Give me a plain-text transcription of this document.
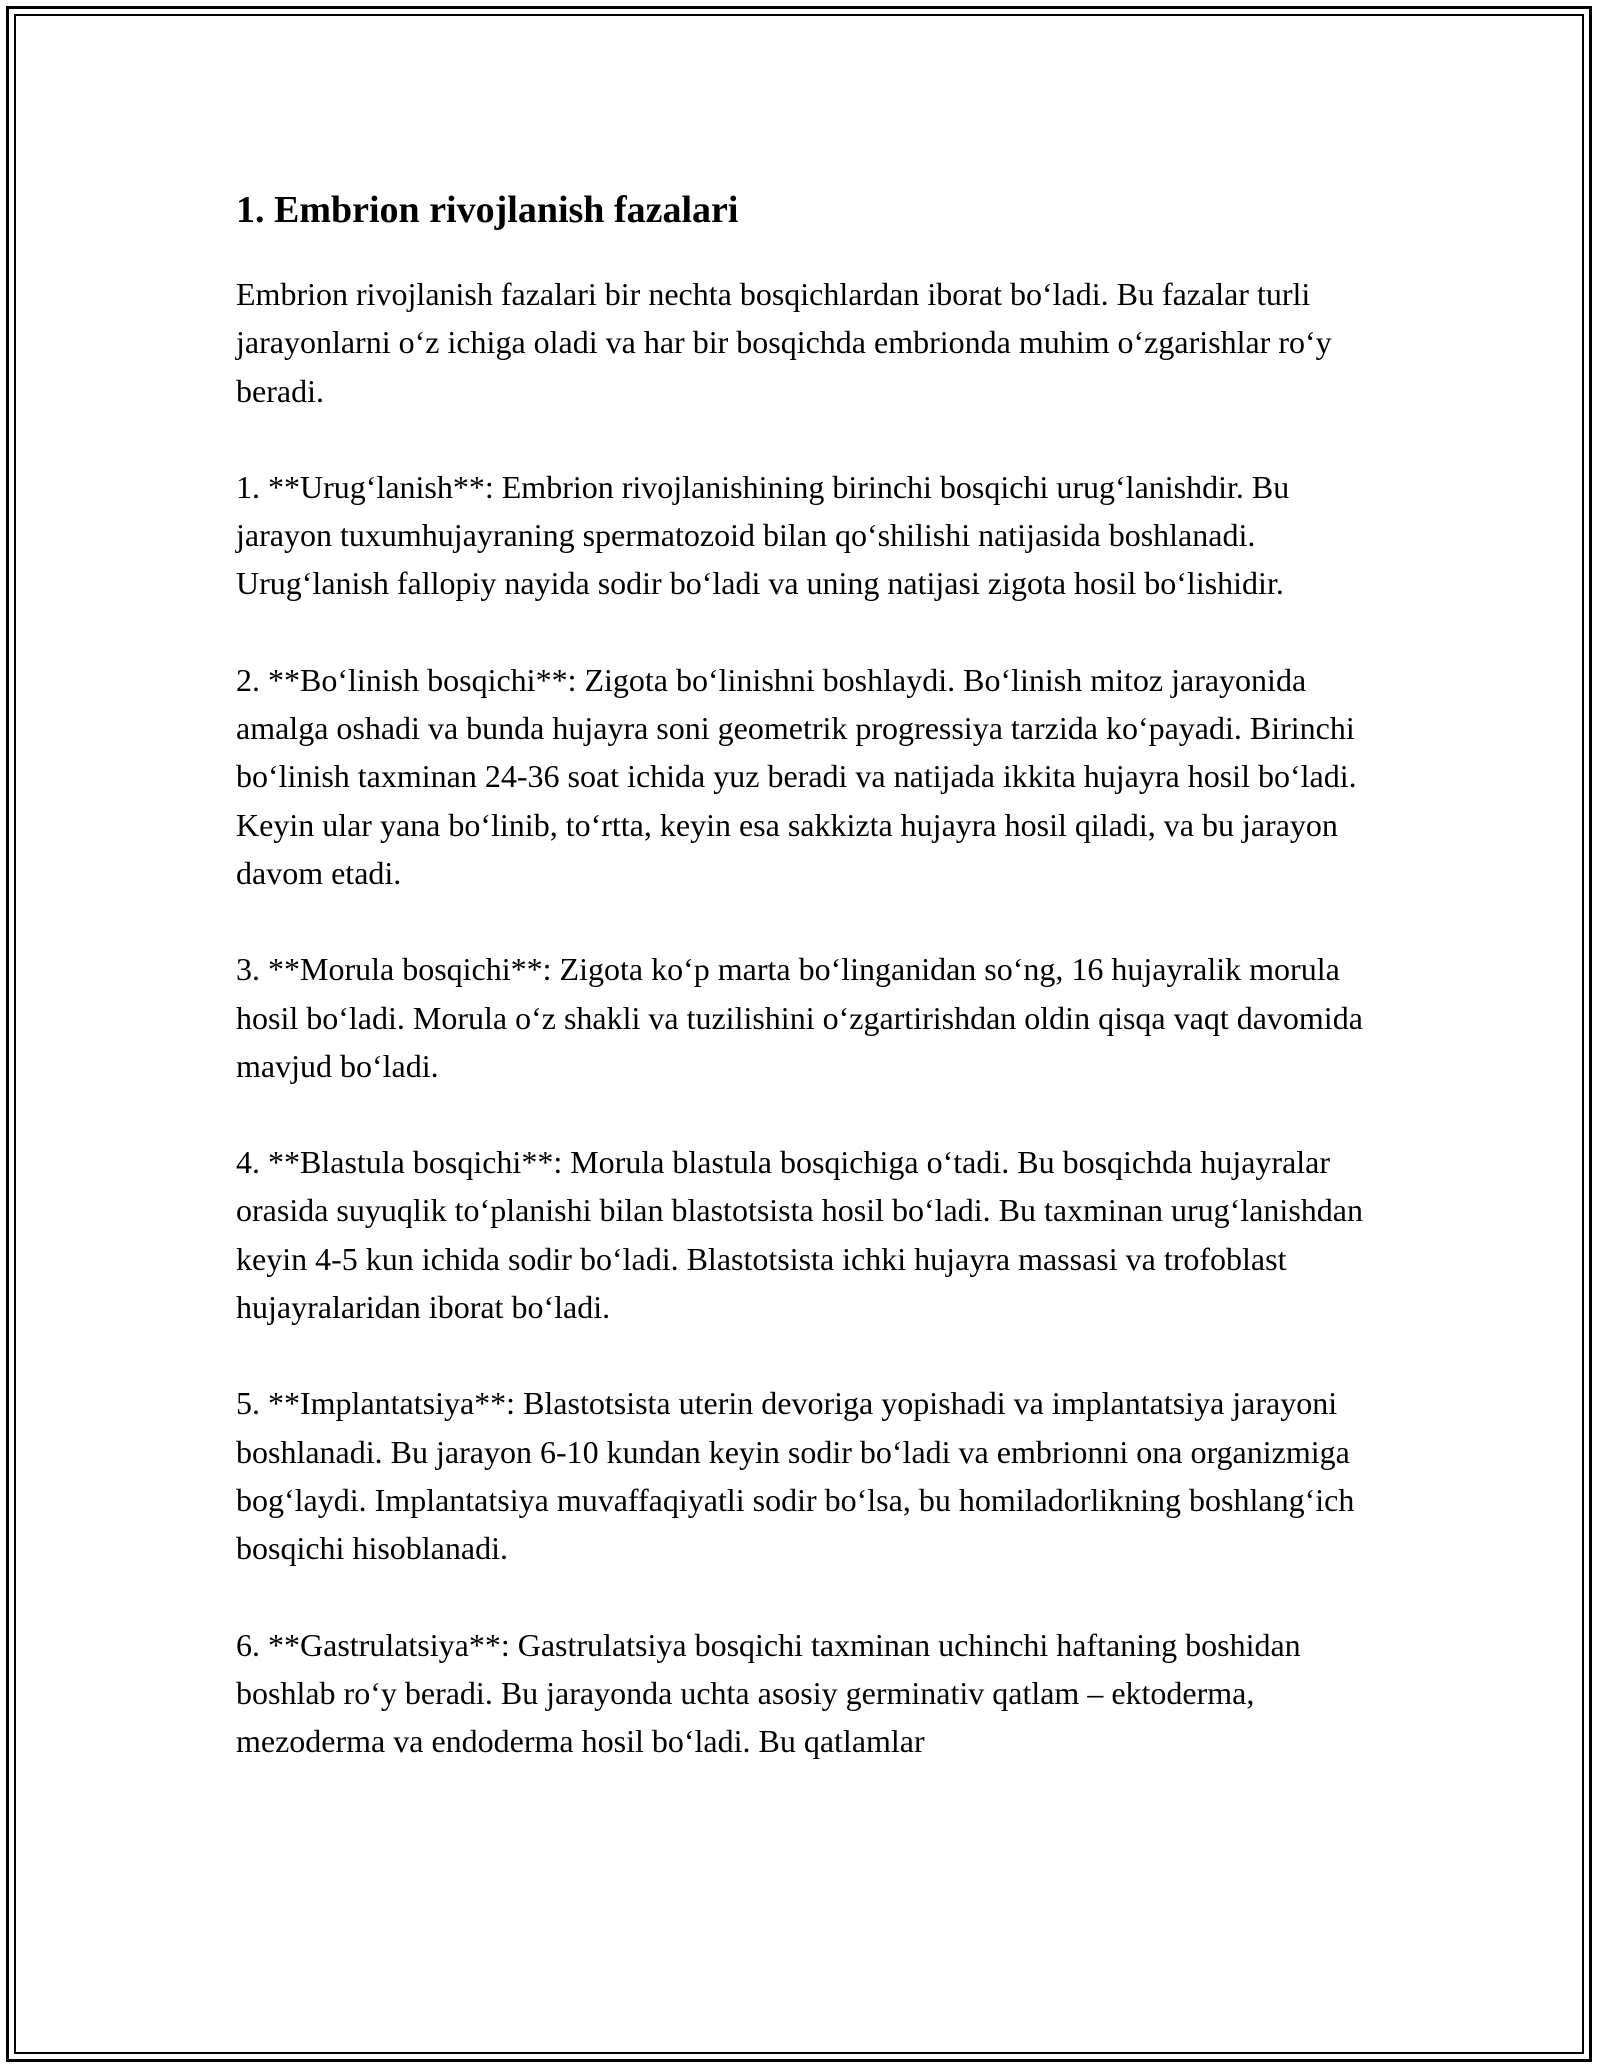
1. Embrion rivojlanish fazalari

Embrion rivojlanish fazalari bir nechta bosqichlardan iborat bo‘ladi. Bu fazalar turli jarayonlarni o‘z ichiga oladi va har bir bosqichda embrionda muhim o‘zgarishlar ro‘y beradi.

1. **Urug‘lanish**: Embrion rivojlanishining birinchi bosqichi urug‘lanishdir. Bu jarayon tuxumhujayraning spermatozoid bilan qo‘shilishi natijasida boshlanadi. Urug‘lanish fallopiy nayida sodir bo‘ladi va uning natijasi zigota hosil bo‘lishidir.

2. **Bo‘linish bosqichi**: Zigota bo‘linishni boshlaydi. Bo‘linish mitoz jarayonida amalga oshadi va bunda hujayra soni geometrik progressiya tarzida ko‘payadi. Birinchi bo‘linish taxminan 24-36 soat ichida yuz beradi va natijada ikkita hujayra hosil bo‘ladi. Keyin ular yana bo‘linib, to‘rtta, keyin esa sakkizta hujayra hosil qiladi, va bu jarayon davom etadi.

3. **Morula bosqichi**: Zigota ko‘p marta bo‘linganidan so‘ng, 16 hujayralik morula hosil bo‘ladi. Morula o‘z shakli va tuzilishini o‘zgartirishdan oldin qisqa vaqt davomida mavjud bo‘ladi.

4. **Blastula bosqichi**: Morula blastula bosqichiga o‘tadi. Bu bosqichda hujayralar orasida suyuqlik to‘planishi bilan blastotsista hosil bo‘ladi. Bu taxminan urug‘lanishdan keyin 4-5 kun ichida sodir bo‘ladi. Blastotsista ichki hujayra massasi va trofoblast hujayralaridan iborat bo‘ladi.

5. **Implantatsiya**: Blastotsista uterin devoriga yopishadi va implantatsiya jarayoni boshlanadi. Bu jarayon 6-10 kundan keyin sodir bo‘ladi va embrionni ona organizmiga bog‘laydi. Implantatsiya muvaffaqiyatli sodir bo‘lsa, bu homiladorlikning boshlang‘ich bosqichi hisoblanadi.

6. **Gastrulatsiya**: Gastrulatsiya bosqichi taxminan uchinchi haftaning boshidan boshlab ro‘y beradi. Bu jarayonda uchta asosiy germinativ qatlam – ektoderma, mezoderma va endoderma hosil bo‘ladi. Bu qatlamlar
